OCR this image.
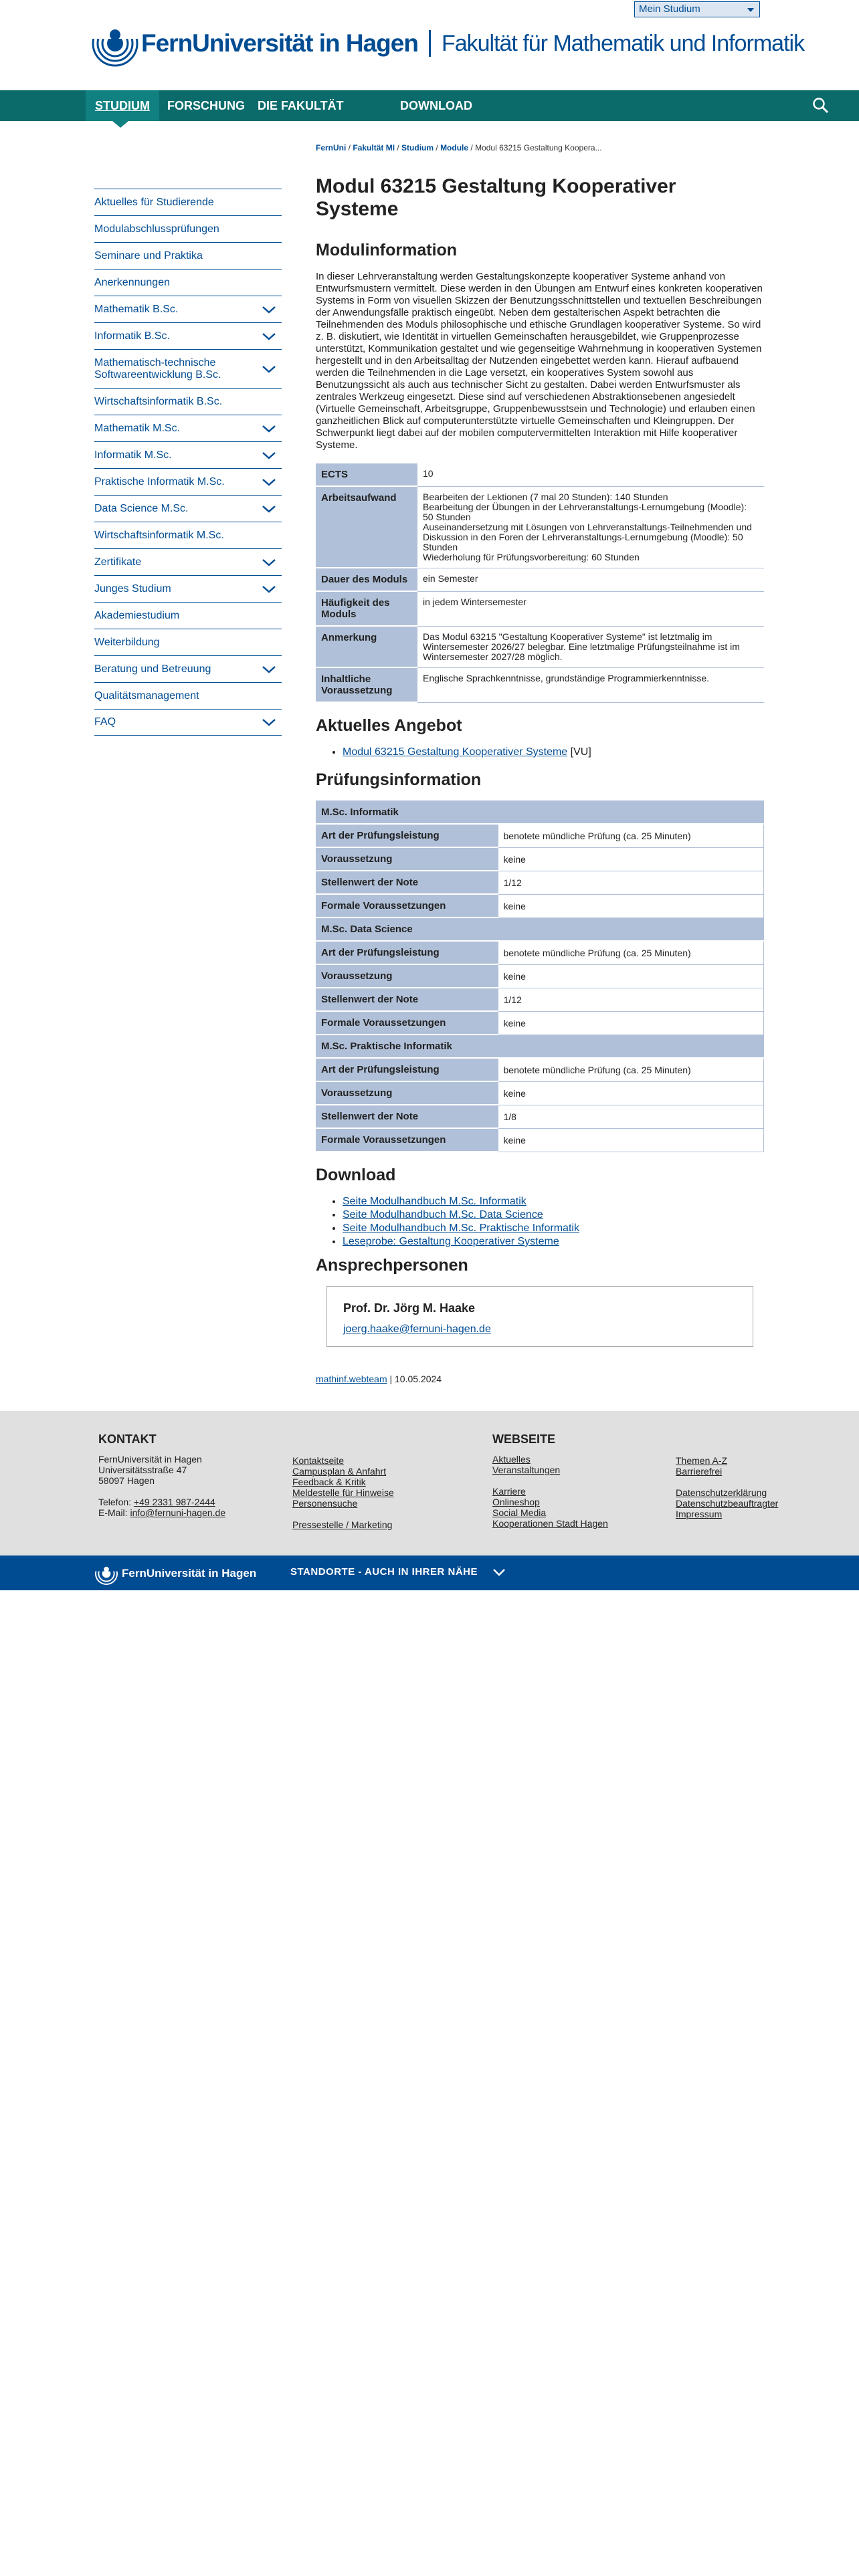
Mein Studium
FernUniversität in Hagen Fakultät für Mathematik und Informatik
STUDIUM	FORSCHUNG DIE FAKULTÄT	DOWNLOAD
FernUni / Fakultät MI / Studium / Module / Modul 63215 Gestaltung Koopera...
Aktuelles für Studierende
Modulabschlussprüfungen
Seminare und Praktika
Anerkennungen
Mathematik B.Sc.
Informatik B.Sc.
Mathematisch-technische Softwareentwicklung B.Sc.
Wirtschaftsinformatik B.Sc.
Mathematik M.Sc.
Informatik M.Sc.
Praktische Informatik M.Sc.
Data Science M.Sc.
Wirtschaftsinformatik M.Sc.
Zertifikate
Junges Studium
Akademiestudium
Weiterbildung
Beratung und Betreuung
Qualitätsmanagement
FAQ
Modul 63215 Gestaltung Kooperativer Systeme
Modulinformation

In dieser Lehrveranstaltung werden Gestaltungskonzepte kooperativer Systeme anhand von Entwurfsmustern vermittelt. Diese werden in den Übungen am Entwurf eines konkreten kooperativen Systems in Form von visuellen Skizzen der Benutzungsschnittstellen und textuellen Beschreibungen der Anwendungsfälle praktisch eingeübt. Neben dem gestalterischen Aspekt betrachten die Teilnehmenden des Moduls philosophische und ethische Grundlagen kooperativer Systeme. So wird z. B. diskutiert, wie Identität in virtuellen Gemeinschaften herausgebildet, wie Gruppenprozesse unterstützt, Kommunikation gestaltet und wie gegenseitige Wahrnehmung in kooperativen Systemen hergestellt und in den Arbeitsalltag der Nutzenden eingebettet werden kann. Hierauf aufbauend werden die Teilnehmenden in die Lage versetzt, ein kooperatives System sowohl aus Benutzungssicht als auch aus technischer Sicht zu gestalten. Dabei werden Entwurfsmuster als zentrales Werkzeug eingesetzt. Diese sind auf verschiedenen Abstraktionsebenen angesiedelt (Virtuelle Gemeinschaft, Arbeitsgruppe, Gruppenbewusstsein und Technologie) und erlauben einen ganzheitlichen Blick auf computerunterstützte virtuelle Gemeinschaften und Kleingruppen. Der Schwerpunkt liegt dabei auf der mobilen computervermittelten Interaktion mit Hilfe kooperativer Systeme.

ECTS	10

Arbeitsaufwand	Bearbeiten der Lektionen (7 mal 20 Stunden): 140 Stunden
Bearbeitung der Übungen in der Lehrveranstaltungs-Lernumgebung (Moodle): 50 Stunden
Auseinandersetzung mit Lösungen von Lehrveranstaltungs-Teilnehmenden und Diskussion in den Foren der Lehrveranstaltungs-Lernumgebung (Moodle): 50 Stunden
Wiederholung für Prüfungsvorbereitung: 60 Stunden

Dauer des Moduls	ein Semester

Häufigkeit des Moduls	in jedem Wintersemester

Anmerkung	Das Modul 63215 "Gestaltung Kooperativer Systeme" ist letztmalig im Wintersemester 2026/27 belegbar. Eine letztmalige Prüfungsteilnahme ist im Wintersemester 2027/28 möglich.

Inhaltliche Voraussetzung	Englische Sprachkenntnisse, grundständige Programmierkenntnisse.
Aktuelles Angebot
• Modul 63215 Gestaltung Kooperativer Systeme [VU]
Prüfungsinformation
M.Sc. Informatik	
Art der Prüfungsleistung	benotete mündliche Prüfung (ca. 25 Minuten)
Voraussetzung	keine
Stellenwert der Note	1/12
Formale Voraussetzungen	keine
M.Sc. Data Science	
Art der Prüfungsleistung	benotete mündliche Prüfung (ca. 25 Minuten)
Voraussetzung	keine
Stellenwert der Note	1/12
Formale Voraussetzungen	keine
M.Sc. Praktische Informatik	
Art der Prüfungsleistung	benotete mündliche Prüfung (ca. 25 Minuten)
Voraussetzung	keine
Stellenwert der Note	1/8
Formale Voraussetzungen	keine
Download
• Seite Modulhandbuch M.Sc. Informatik
• Seite Modulhandbuch M.Sc. Data Science
• Seite Modulhandbuch M.Sc. Praktische Informatik
• Leseprobe: Gestaltung Kooperativer Systeme
Ansprechpersonen
Prof. Dr. Jörg M. Haake
joerg.haake@fernuni-hagen.de
mathinf.webteam | 10.05.2024
KONTAKT
FernUniversität in Hagen
Universitätsstraße 47
58097 Hagen
Telefon: +49 2331 987-2444
E-Mail: info@fernuni-hagen.de
Kontaktseite
Campusplan & Anfahrt
Feedback & Kritik
Meldestelle für Hinweise
Personensuche
Pressestelle / Marketing
WEBSEITE
Aktuelles
Veranstaltungen
Karriere
Onlineshop
Social Media
Kooperationen Stadt Hagen
Themen A-Z
Barrierefrei
Datenschutzerklärung
Datenschutzbeauftragter
Impressum
FernUniversität in Hagen	STANDORTE - AUCH IN IHRER NÄHE
